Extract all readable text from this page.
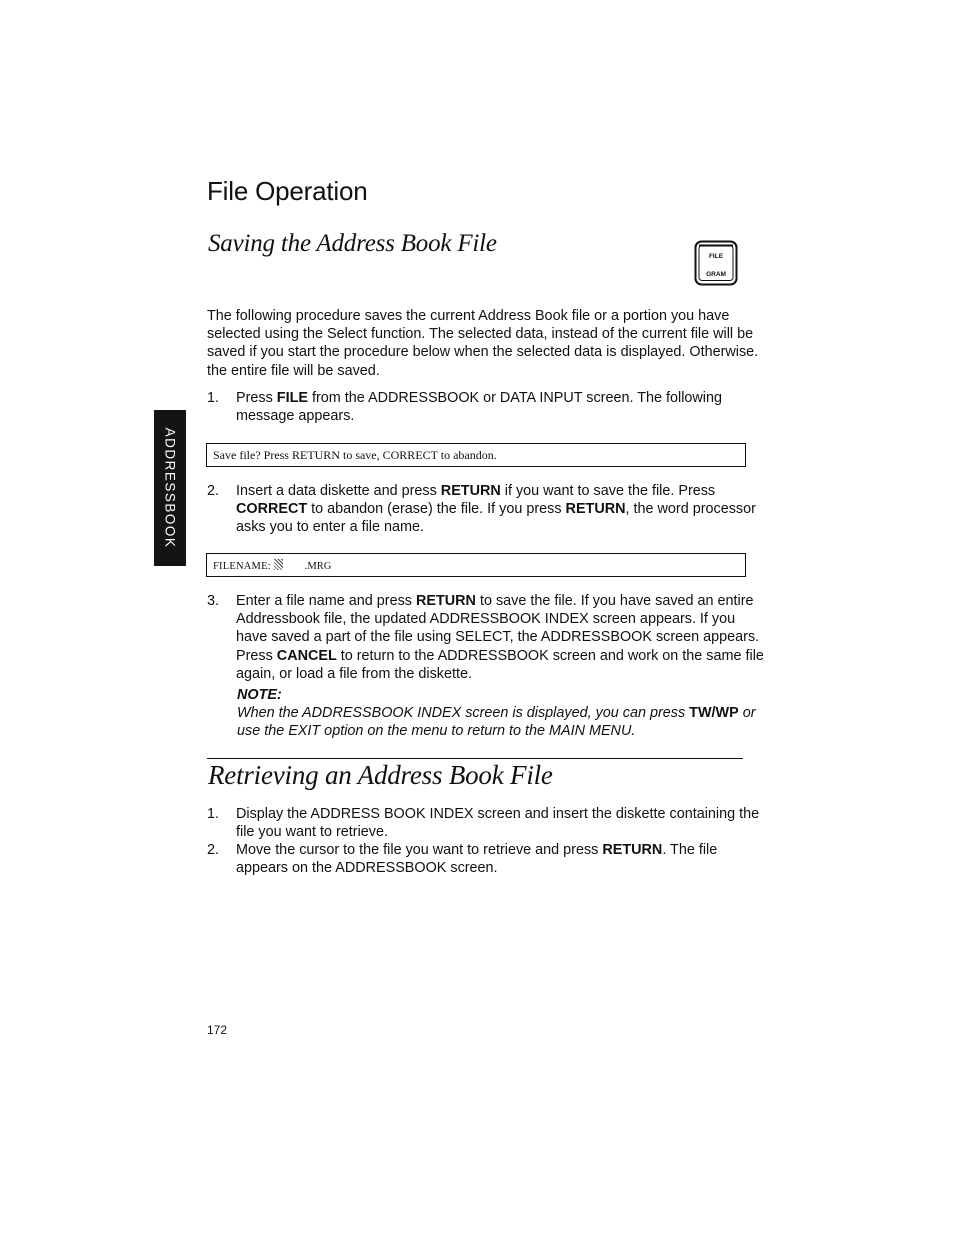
File Operation
Saving the Address Book File	FILE
GRAM

The following procedure saves the current Address Book file or a portion you have selected using the Select function. The selected data, instead of the current file will be saved if you start the procedure below when the selected data is displayed. Otherwise. the entire file will be saved.

1. Press FILE from the ADDRESSBOOK or DATA INPUT screen. The following message appears.
Save file? Press RETURN to save, CORRECT to abandon.
2. Insert a data diskette and press RETURN if you want to save the file. Press CORRECT to abandon (erase) the file. If you press RETURN, the word processor asks you to enter a file name.
FILENAME:	.MRG
3. Enter a file name and press RETURN to save the file. If you have saved an entire Addressbook file, the updated ADDRESSBOOK INDEX screen appears. If you have saved a part of the file using SELECT, the ADDRESSBOOK screen appears. Press CANCEL to return to the ADDRESSBOOK screen and work on the same file again, or load a file from the diskette.
NOTE:
When the ADDRESSBOOK INDEX screen is displayed, you can press TW/WP or use the EXIT option on the menu to return to the MAIN MENU.
Retrieving an Address Book File
1. Display the ADDRESS BOOK INDEX screen and insert the diskette containing the file you want to retrieve.
2. Move the cursor to the file you want to retrieve and press RETURN. The file appears on the ADDRESSBOOK screen.
ADDRESSBOOK
172
